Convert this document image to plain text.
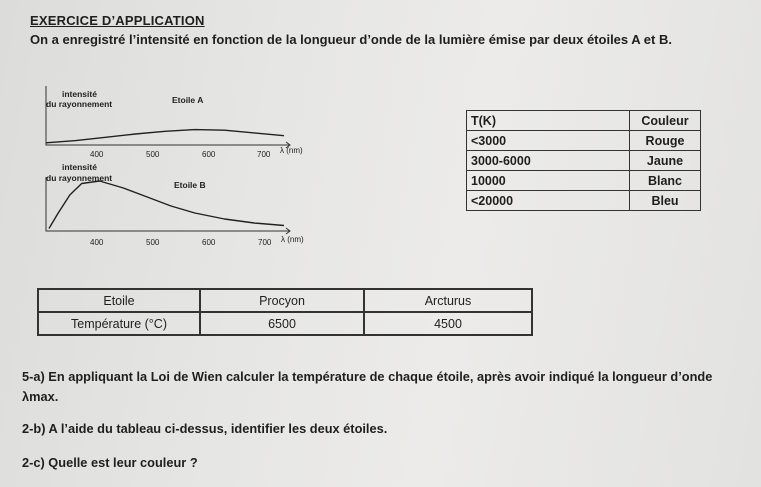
EXERCICE D’APPLICATION
On a enregistré l’intensité en fonction de la longueur d’onde de la lumière émise par deux étoiles A et B.
intensité
du rayonnement	Etoile A
400	500	600	700 λ (nm)
intensité
du rayonnement
Etoile B
400	500	600	700 λ (nm)
T(K)	Couleur
<3000	Rouge
3000-6000	Jaune
10000	Blanc
<20000	Bleu
Etoile	Procyon	Arcturus
Température (°C)	6500	4500
5-a) En appliquant la Loi de Wien calculer la température de chaque étoile, après avoir indiqué la longueur d’onde
λmax.
2-b) A l’aide du tableau ci-dessus, identifier les deux étoiles.
2-c) Quelle est leur couleur ?
